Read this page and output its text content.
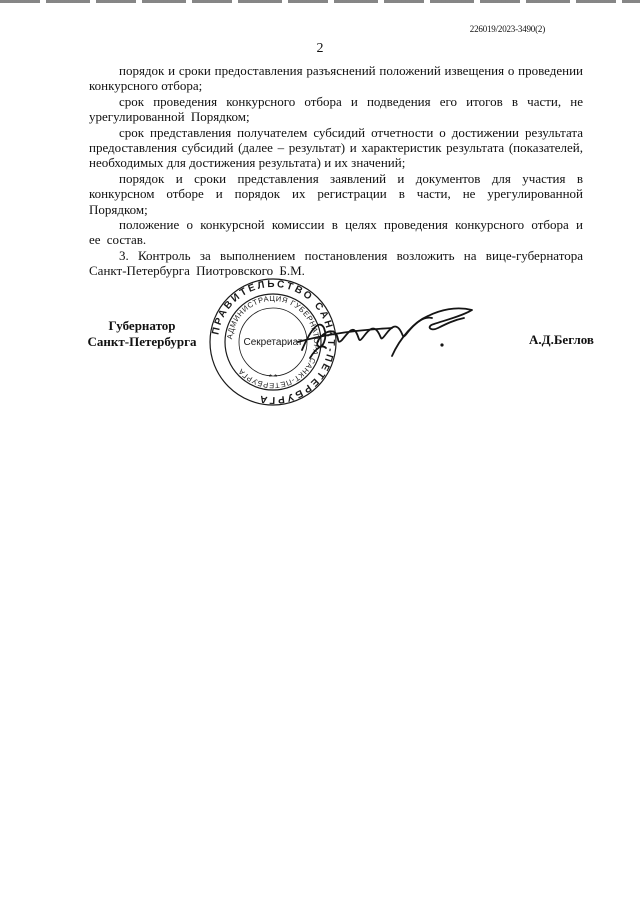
226019/2023-3490(2)
2

порядок и сроки предоставления разъяснений положений извещения о проведении конкурсного отбора;

срок проведения конкурсного отбора и подведения его итогов в части, не урегулированной Порядком;

срок представления получателем субсидий отчетности о достижении результата предоставления субсидий (далее – результат) и характеристик результата (показателей, необходимых для достижения результата) и их значений;

порядок и сроки представления заявлений и документов для участия в конкурсном отборе и порядок их регистрации в части, не урегулированной Порядком;

положение о конкурсной комиссии в целях проведения конкурсного отбора и ее состав.

3. Контроль за выполнением постановления возложить на вице-губернатора Санкт-Петербурга Пиотровского Б.М.

Губернатор
Санкт-Петербурга
ПРАВИТЕЛЬСТВО САНКТ-ПЕТЕРБУРГА
АДМИНИСТРАЦИЯ ГУБЕРНАТОРА САНКТ-ПЕТЕРБУРГА
Секретариат
* *
А.Д.Беглов
